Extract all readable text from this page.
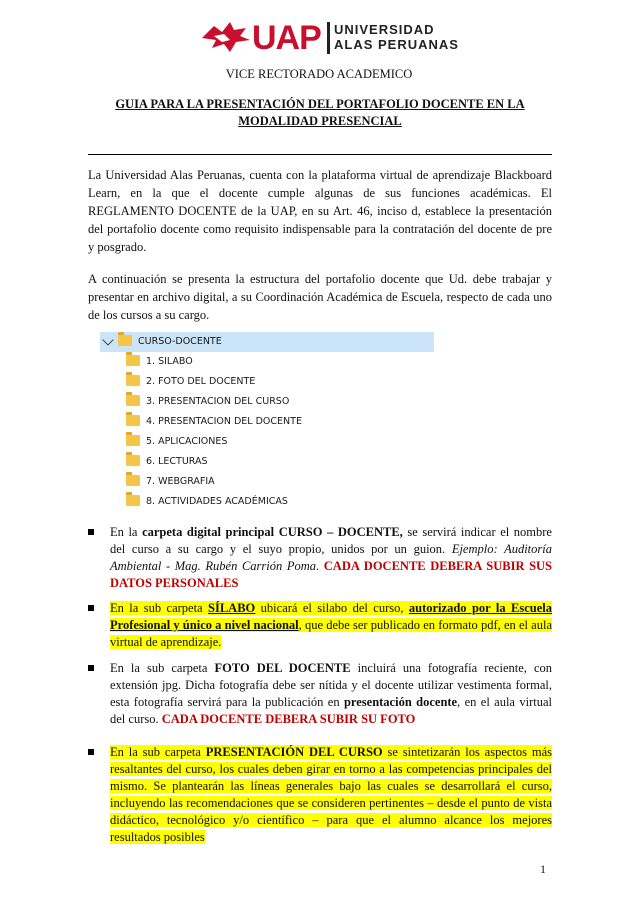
UAP UNIVERSIDAD
ALAS PERUANAS
VICE RECTORADO ACADEMICO
GUIA PARA LA PRESENTACIÓN DEL PORTAFOLIO DOCENTE EN LA MODALIDAD PRESENCIAL
La Universidad Alas Peruanas, cuenta con la plataforma virtual de aprendizaje Blackboard Learn, en la que el docente cumple algunas de sus funciones académicas. El REGLAMENTO DOCENTE de la UAP, en su Art. 46, inciso d, establece la presentación del portafolio docente como requisito indispensable para la contratación del docente de pre y posgrado.
A continuación se presenta la estructura del portafolio docente que Ud. debe trabajar y presentar en archivo digital, a su Coordinación Académica de Escuela, respecto de cada uno de los cursos a su cargo.
CURSO-DOCENTE
1. SILABO
2. FOTO DEL DOCENTE
3. PRESENTACION DEL CURSO
4. PRESENTACION DEL DOCENTE
5. APLICACIONES
6. LECTURAS
7. WEBGRAFIA
8. ACTIVIDADES ACADÉMICAS
En la carpeta digital principal CURSO – DOCENTE, se servirá indicar el nombre del curso a su cargo y el suyo propio, unidos por un guion. Ejemplo: Auditoría Ambiental - Mag. Rubén Carrión Poma. CADA DOCENTE DEBERA SUBIR SUS DATOS PERSONALES
En la sub carpeta SÍLABO ubicará el silabo del curso, autorizado por la Escuela Profesional y único a nivel nacional, que debe ser publicado en formato pdf, en el aula virtual de aprendizaje.
En la sub carpeta FOTO DEL DOCENTE incluirá una fotografía reciente, con extensión jpg. Dicha fotografía debe ser nítida y el docente utilizar vestimenta formal, esta fotografía servirá para la publicación en presentación docente, en el aula virtual del curso. CADA DOCENTE DEBERA SUBIR SU FOTO
En la sub carpeta PRESENTACIÓN DEL CURSO se sintetizarán los aspectos más resaltantes del curso, los cuales deben girar en torno a las competencias principales del mismo. Se plantearán las líneas generales bajo las cuales se desarrollará el curso, incluyendo las recomendaciones que se consideren pertinentes – desde el punto de vista didáctico, tecnológico y/o científico – para que el alumno alcance los mejores resultados posibles
1
